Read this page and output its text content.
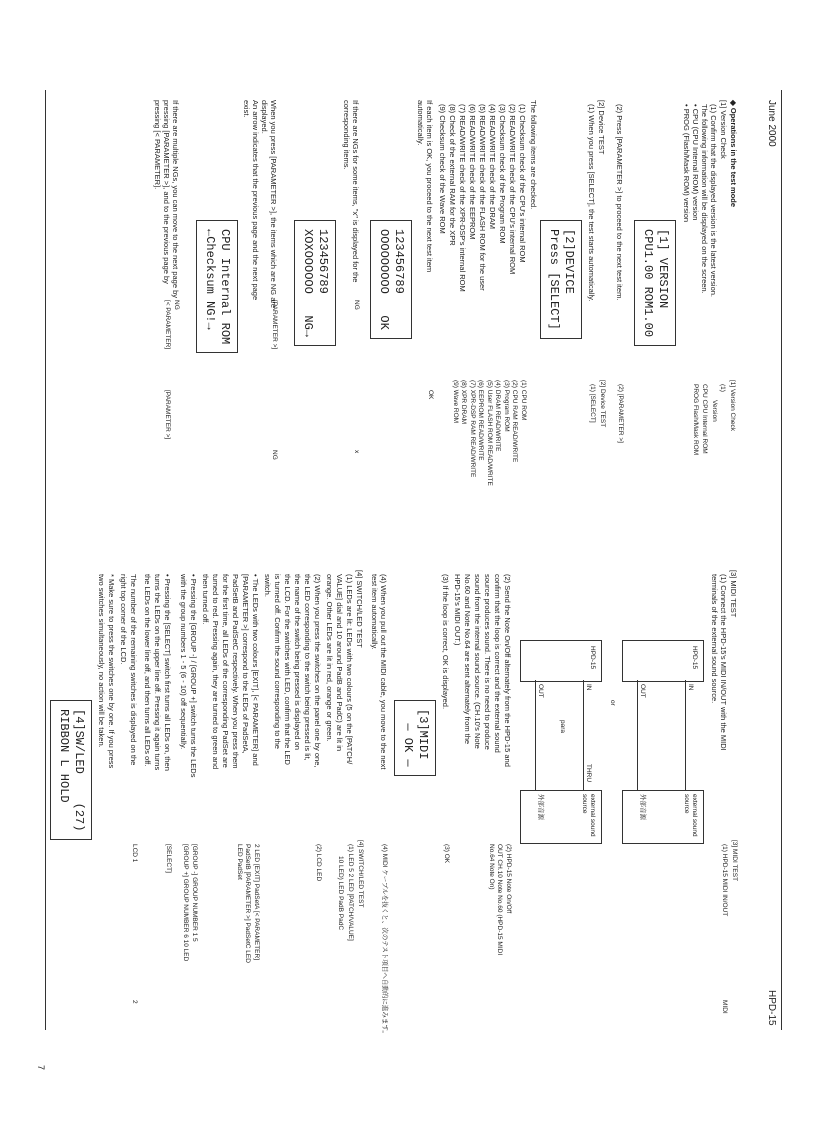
June 2000
HPD-15
7
◆ Operations in the test mode
[1] Version Check
(1) Confirm that the displayed version is the latest version.
The following information will be displayed on the screen.
• CPU (CPU Internal ROM) version
• PROG (Flash/Mask ROM) version
[1] Version Check
(1)
Version
CPU CPU Internal ROM
PROG Flash/Mask ROM
[1] VERSION
CPU1.00 ROM1.00
(2) Press [PARAMETER >] to proceed to the next test item.
(2) [PARAMETER >]
[2] Device TEST
(1) When you press [SELECT], the test starts automatically.
[2] Device TEST
(1) [SELECT]
[2]DEVICE
Press [SELECT]
The following items are checked.
(1) Checksum check of the CPU's internal ROM
(2) READ/WRITE check of the CPU's internal ROM
(3) Checksum check of the Program ROM
(4) READ/WRITE check of the DRAM
(5) READ/WRITE check of the FLASH ROM for the user
(6) READ/WRITE check of the EEPROM
(7) READ/WRITE check of the XPR-DSP's internal ROM
(8) Check of the external RAM for the XPR
(9) Checksum check of the Wave ROM
(1) CPU ROM
(2) CPU RAM READ/WRITE
(3) Program ROM
(4) DRAM READ/WRITE
(5) User FLASH ROM READ/WRITE
(6) EEPROM READ/WRITE
(7) XPR-DSP RAM READ/WRITE
(8) XPR DRAM
(9) Wave ROM
If each item is OK, you proceed to the next test item
automatically.
OK
123456789
OOOOOOOOO   OK
If there are NGs for some items, "x" is displayed for the
corresponding items.
NG
x
123456789
XOXOOOOOO   NG→
When you press [PARAMETER >], the items which are NG are
displayed.
An arrow indicates that the previous page and the next page
exist.
[PARAMETER >]
NG
CPU Internal ROM
←Checksum NG!→
If there are multiple NGs, you can move to the next page by
pressing [PARAMETER >], and to the previous page by
pressing [< PARAMETER].
NG
[< PARAMETER]
[PARAMETER >]
[3] MIDI TEST
(1) Connect the HPD-15's MIDI IN/OUT with the MIDI
terminals of the external sound source.
[3] MIDI TEST
(1) HPD-15 MIDI IN/OUT
MIDI
HPD-15
IN
OUT
external sound source
外部音源
or
HPD-15
IN
OUT
para
THRU
external sound source
外部音源
(2) Send the Note On/Off alternately from the HPD-15 and
confirm that the loop is correct and the external sound
source produces sound. There is no need to produce
sound from the internal sound source. (CH.10's Note
No.60 and Note No.64 are sent alternately from the
HPD-15's MIDI OUT.)
(2) HPD-15 Note On/Off
OUT CH.10 Note No.60 (HPD-15 MIDI
No.64 Note On)
(3) If the loop is correct, OK is displayed.
(3) OK
[3]MIDI
— OK —
(4) When you pull out the MIDI cable, you move to the next
test item automatically.
(4) MIDI ケーブルを抜くと、次のテスト項目へ自動的に進みます。
[4] SWITCH/LED TEST
[4] SWITCH/LED TEST
(1) LEDs are lit: LEDs with two colours (5 on the [PATCH/
VALUE] dial and 10 around PadB and PadC) are lit in
orange. Other LEDs are lit in red, orange or green.
(1) LED 5 2 LED [PATCH/VALUE]
10 LED) LED PadB PadC
(2) When you press the switches on the panel one by one,
the LED corresponding to the switch being pressed is lit,
the name of the switch being pressed is displayed on
the LCD. For the switches with LED, confirm that the LED
is turned off. Confirm the sound corresponding to the
switch.
(2) LCD LED
• The LEDs with two colours [EXIT], [< PARAMETER] and
[PARAMETER >] correspond to the LEDs of PadSetA,
PadSetB and PadSetC respectively. When you press them
for the first time, all LEDs of the corresponding PadSet are
turned to red. Pressing again, they are turned to green and
then turned off.
2 LED [EXIT] PadSetA [< PARAMETER]
PadSetB [PARAMETER >] PadSetC LED
LED PadSet
• Pressing the [GROUP -] / [GROUP +] switch turns the LEDs
with the group numbers 1 - 5 (6 - 10) off sequentially.
[GROUP -] GROUP NUMBER 1 5
[GROUP +] GROUP NUMBER 6 10 LED
• Pressing the [SELECT] switch first turns all LEDs on, then
turns the LEDs on the upper line off. Pressing it again turns
the LEDs on the lower line off, and then turns all LEDs off.
[SELECT]
The number of the remaining switches is displayed on the
right top corner of the LCD.
LCD 1
* Make sure to press the switches one by one. If you press
two switches simultaneously, no action will be taken.
2
[4]SW/LED    (27)
RIBBON L HOLD
